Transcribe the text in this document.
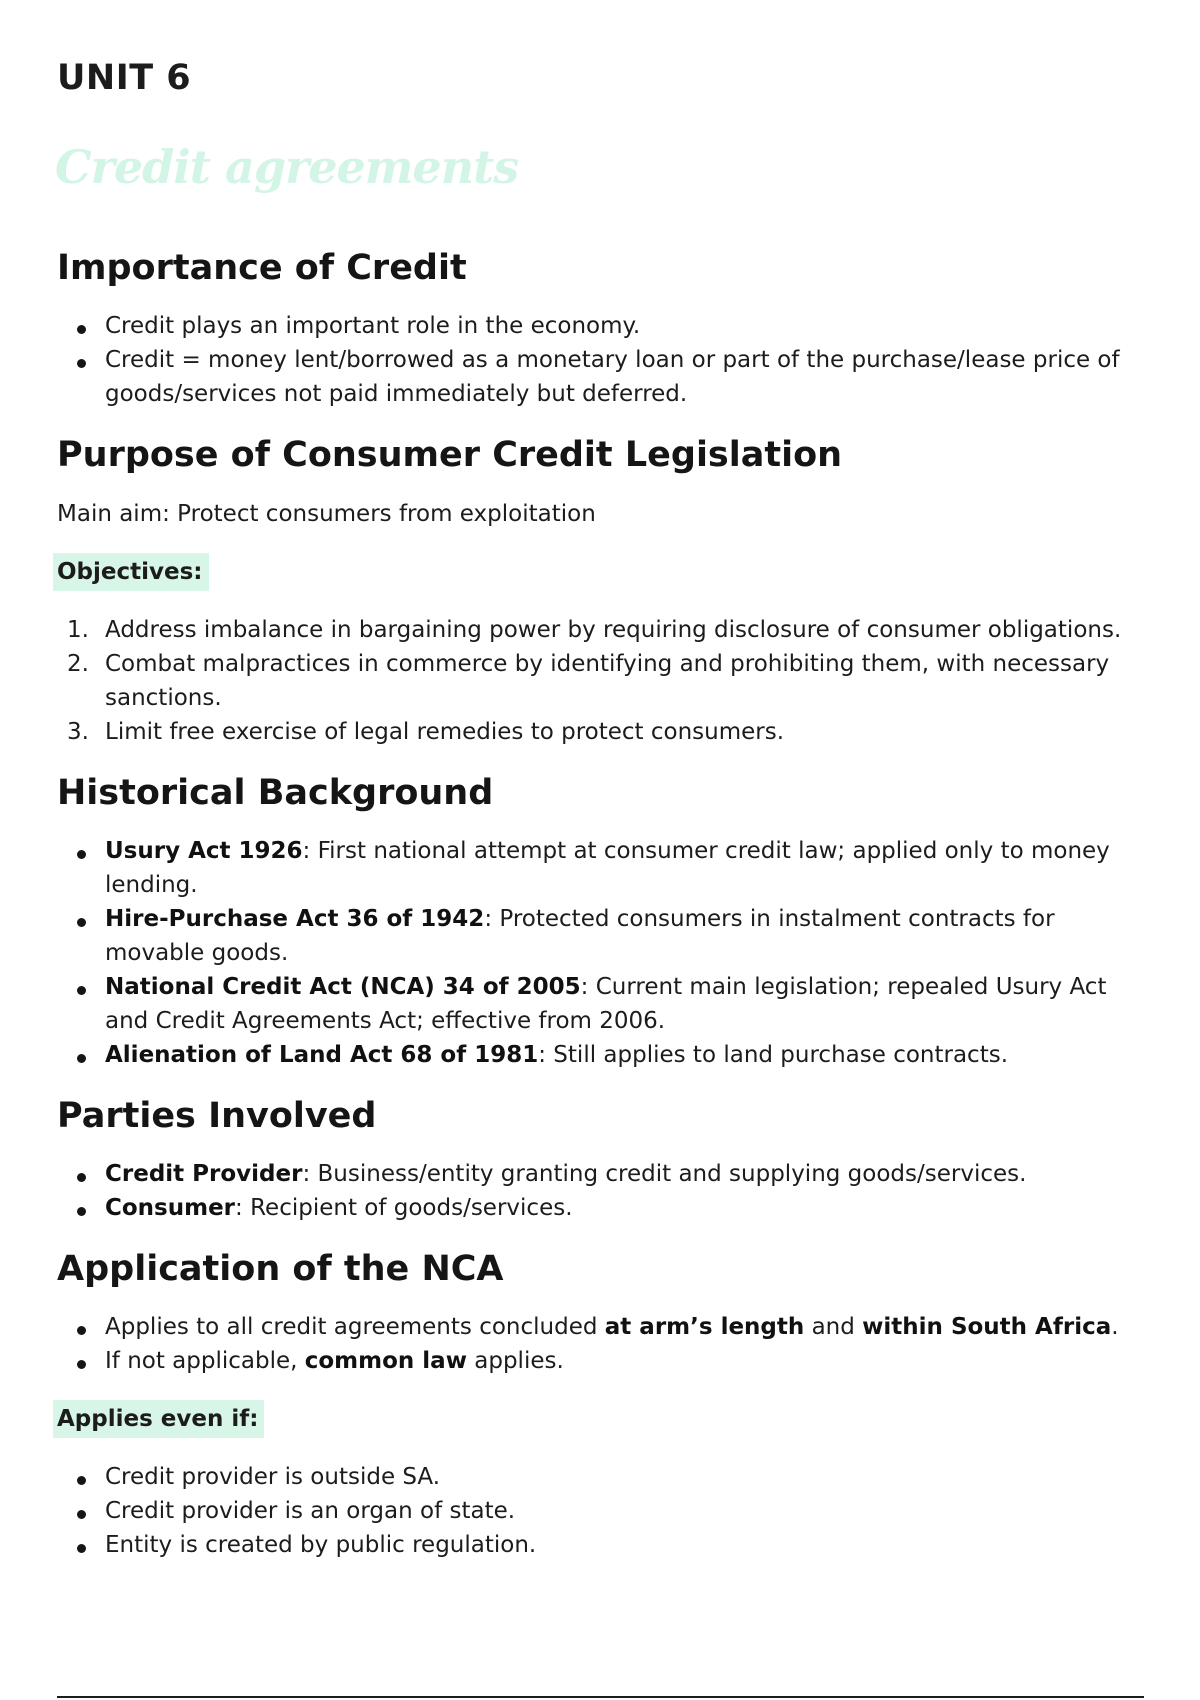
UNIT 6
Credit agreements
Importance of Credit
Credit plays an important role in the economy.
Credit = money lent/borrowed as a monetary loan or part of the purchase/lease price of goods/services not paid immediately but deferred.
Purpose of Consumer Credit Legislation

Main aim: Protect consumers from exploitation

Objectives:
1. Address imbalance in bargaining power by requiring disclosure of consumer obligations.
2. Combat malpractices in commerce by identifying and prohibiting them, with necessary sanctions.
3. Limit free exercise of legal remedies to protect consumers.
Historical Background
Usury Act 1926: First national attempt at consumer credit law; applied only to money lending.
Hire-Purchase Act 36 of 1942: Protected consumers in instalment contracts for movable goods.
National Credit Act (NCA) 34 of 2005: Current main legislation; repealed Usury Act and Credit Agreements Act; effective from 2006.
Alienation of Land Act 68 of 1981: Still applies to land purchase contracts.
Parties Involved
Credit Provider: Business/entity granting credit and supplying goods/services.
Consumer: Recipient of goods/services.
Application of the NCA
Applies to all credit agreements concluded at arm’s length and within South Africa.
If not applicable, common law applies.
Applies even if:
Credit provider is outside SA.
Credit provider is an organ of state.
Entity is created by public regulation.
